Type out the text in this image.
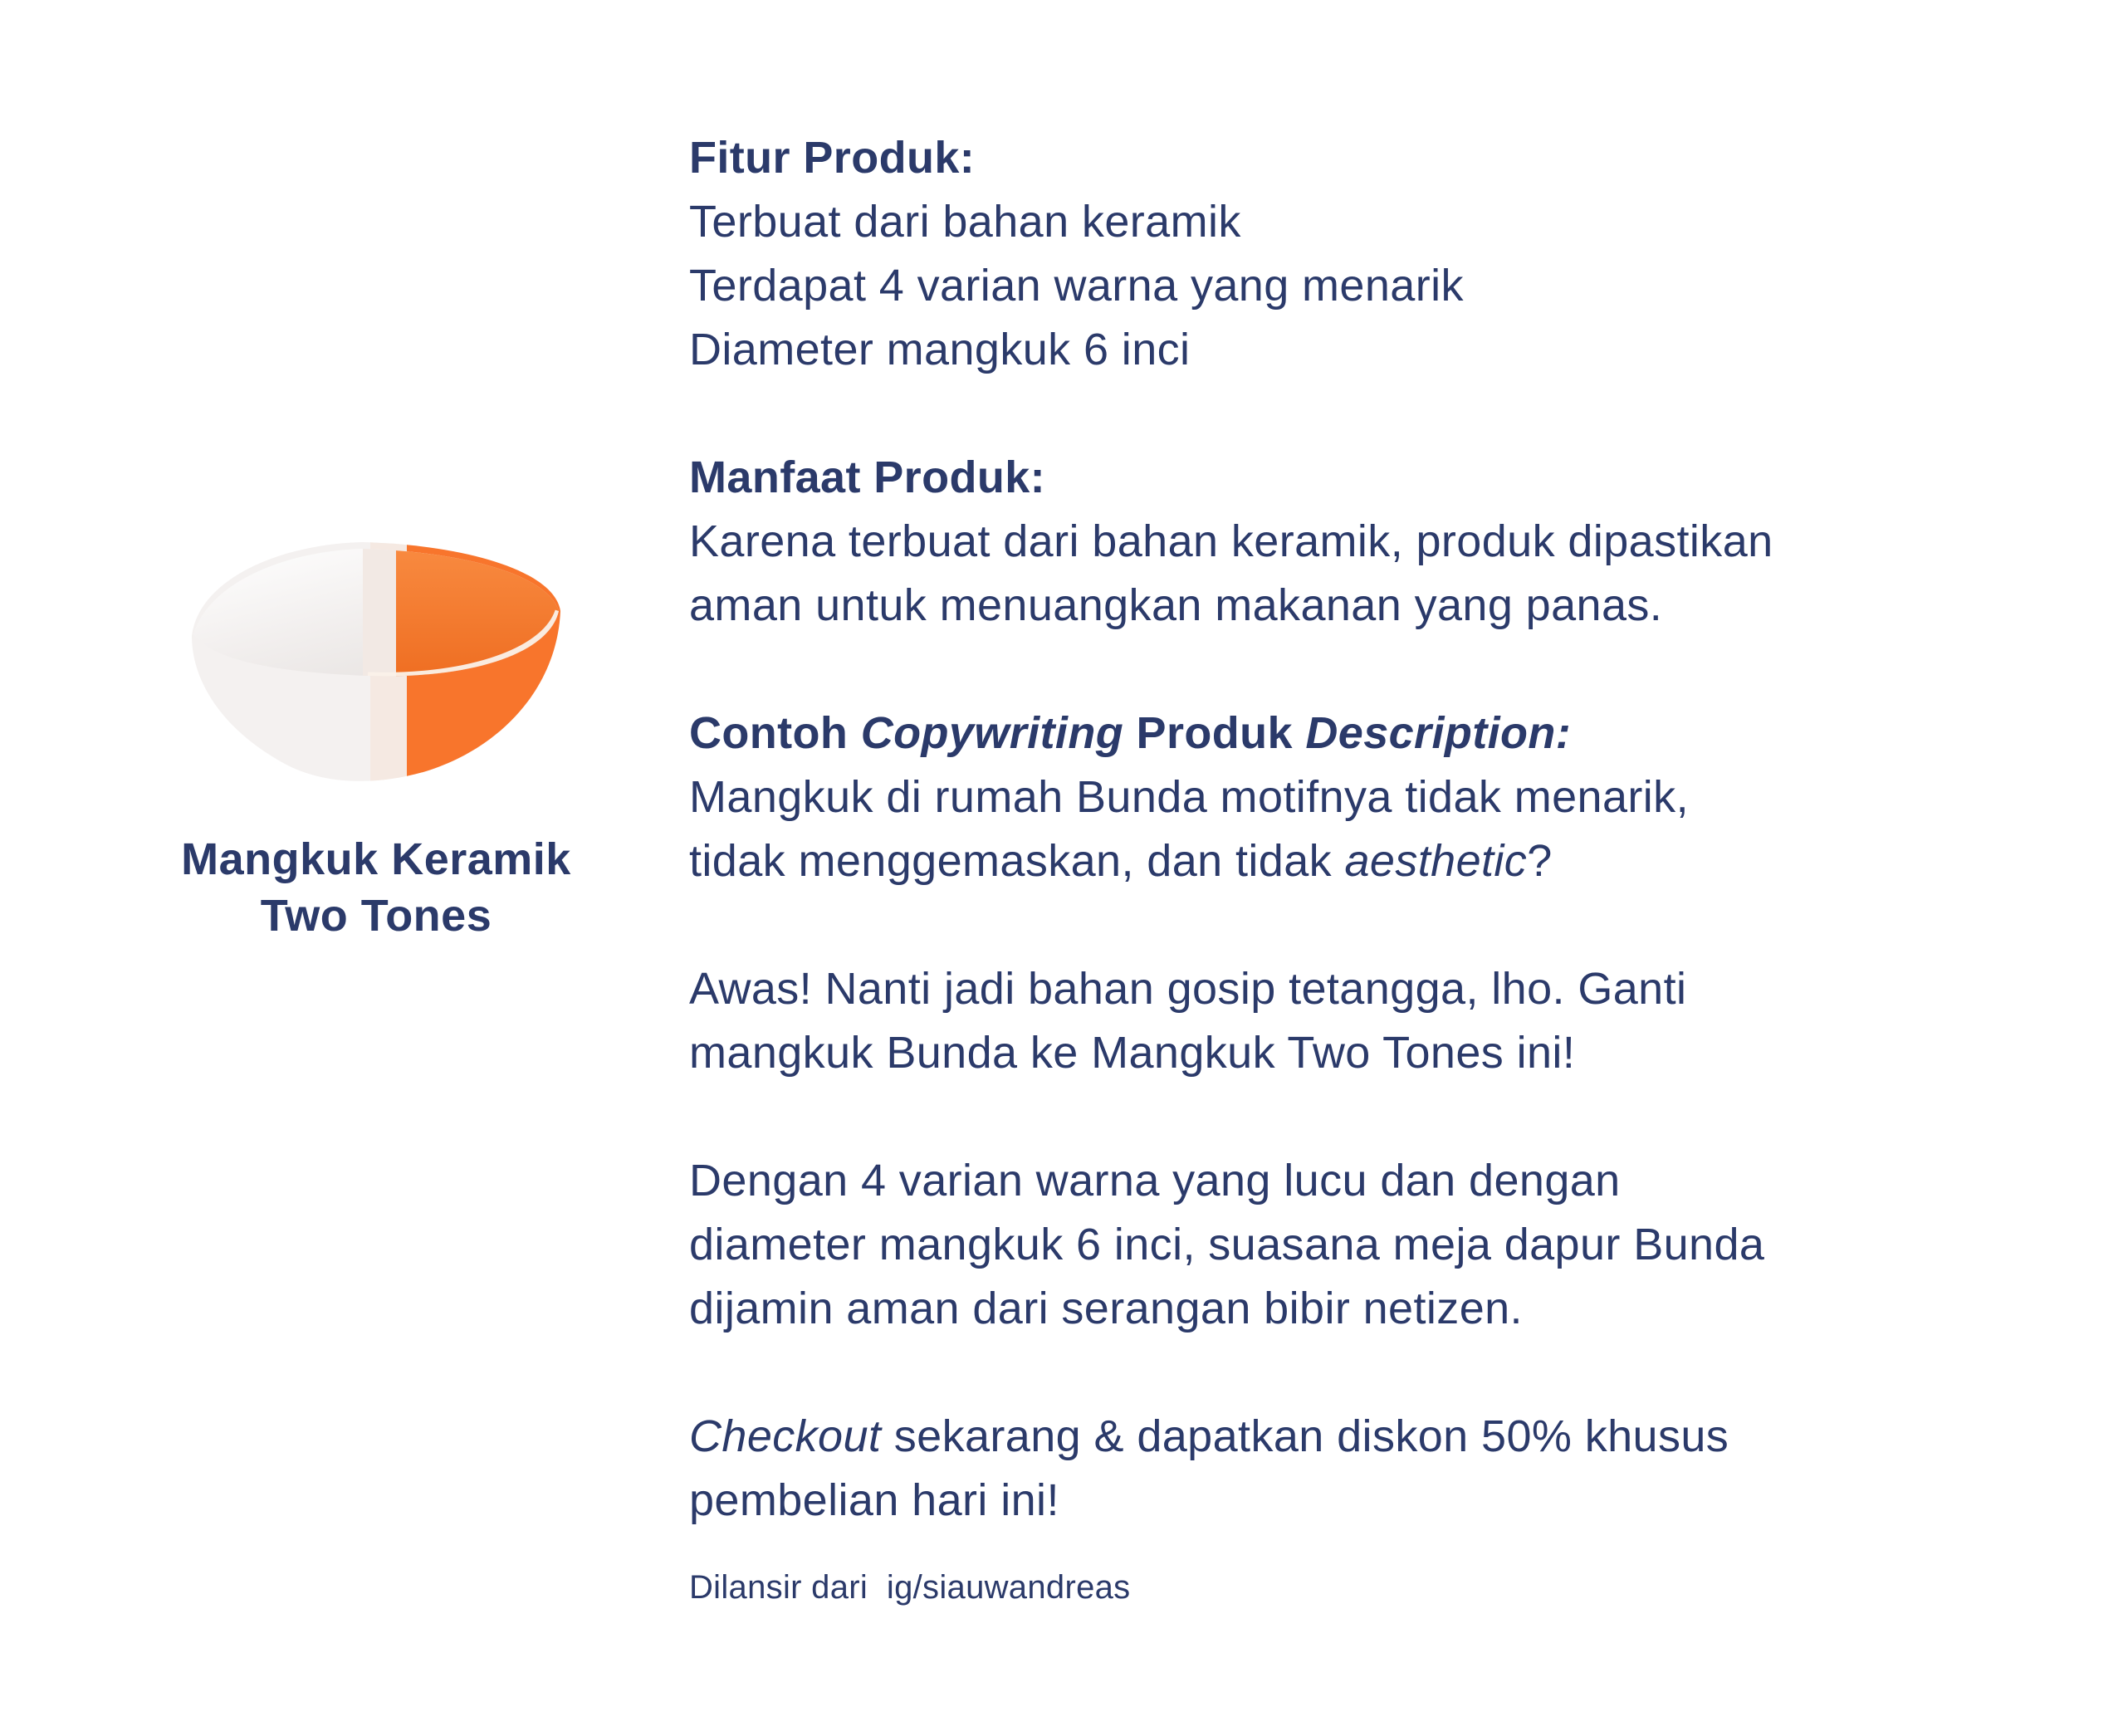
Mangkuk Keramik
Two Tones

Fitur Produk:
Terbuat dari bahan keramik
Terdapat 4 varian warna yang menarik
Diameter mangkuk 6 inci

Manfaat Produk:
Karena terbuat dari bahan keramik, produk dipastikan
aman untuk menuangkan makanan yang panas.

Contoh Copywriting Produk Description:
Mangkuk di rumah Bunda motifnya tidak menarik,
tidak menggemaskan, dan tidak aesthetic?

Awas! Nanti jadi bahan gosip tetangga, lho. Ganti
mangkuk Bunda ke Mangkuk Two Tones ini!

Dengan 4 varian warna yang lucu dan dengan
diameter mangkuk 6 inci, suasana meja dapur Bunda
dijamin aman dari serangan bibir netizen.

Checkout sekarang & dapatkan diskon 50% khusus
pembelian hari ini!

Dilansir dari  ig/siauwandreas
